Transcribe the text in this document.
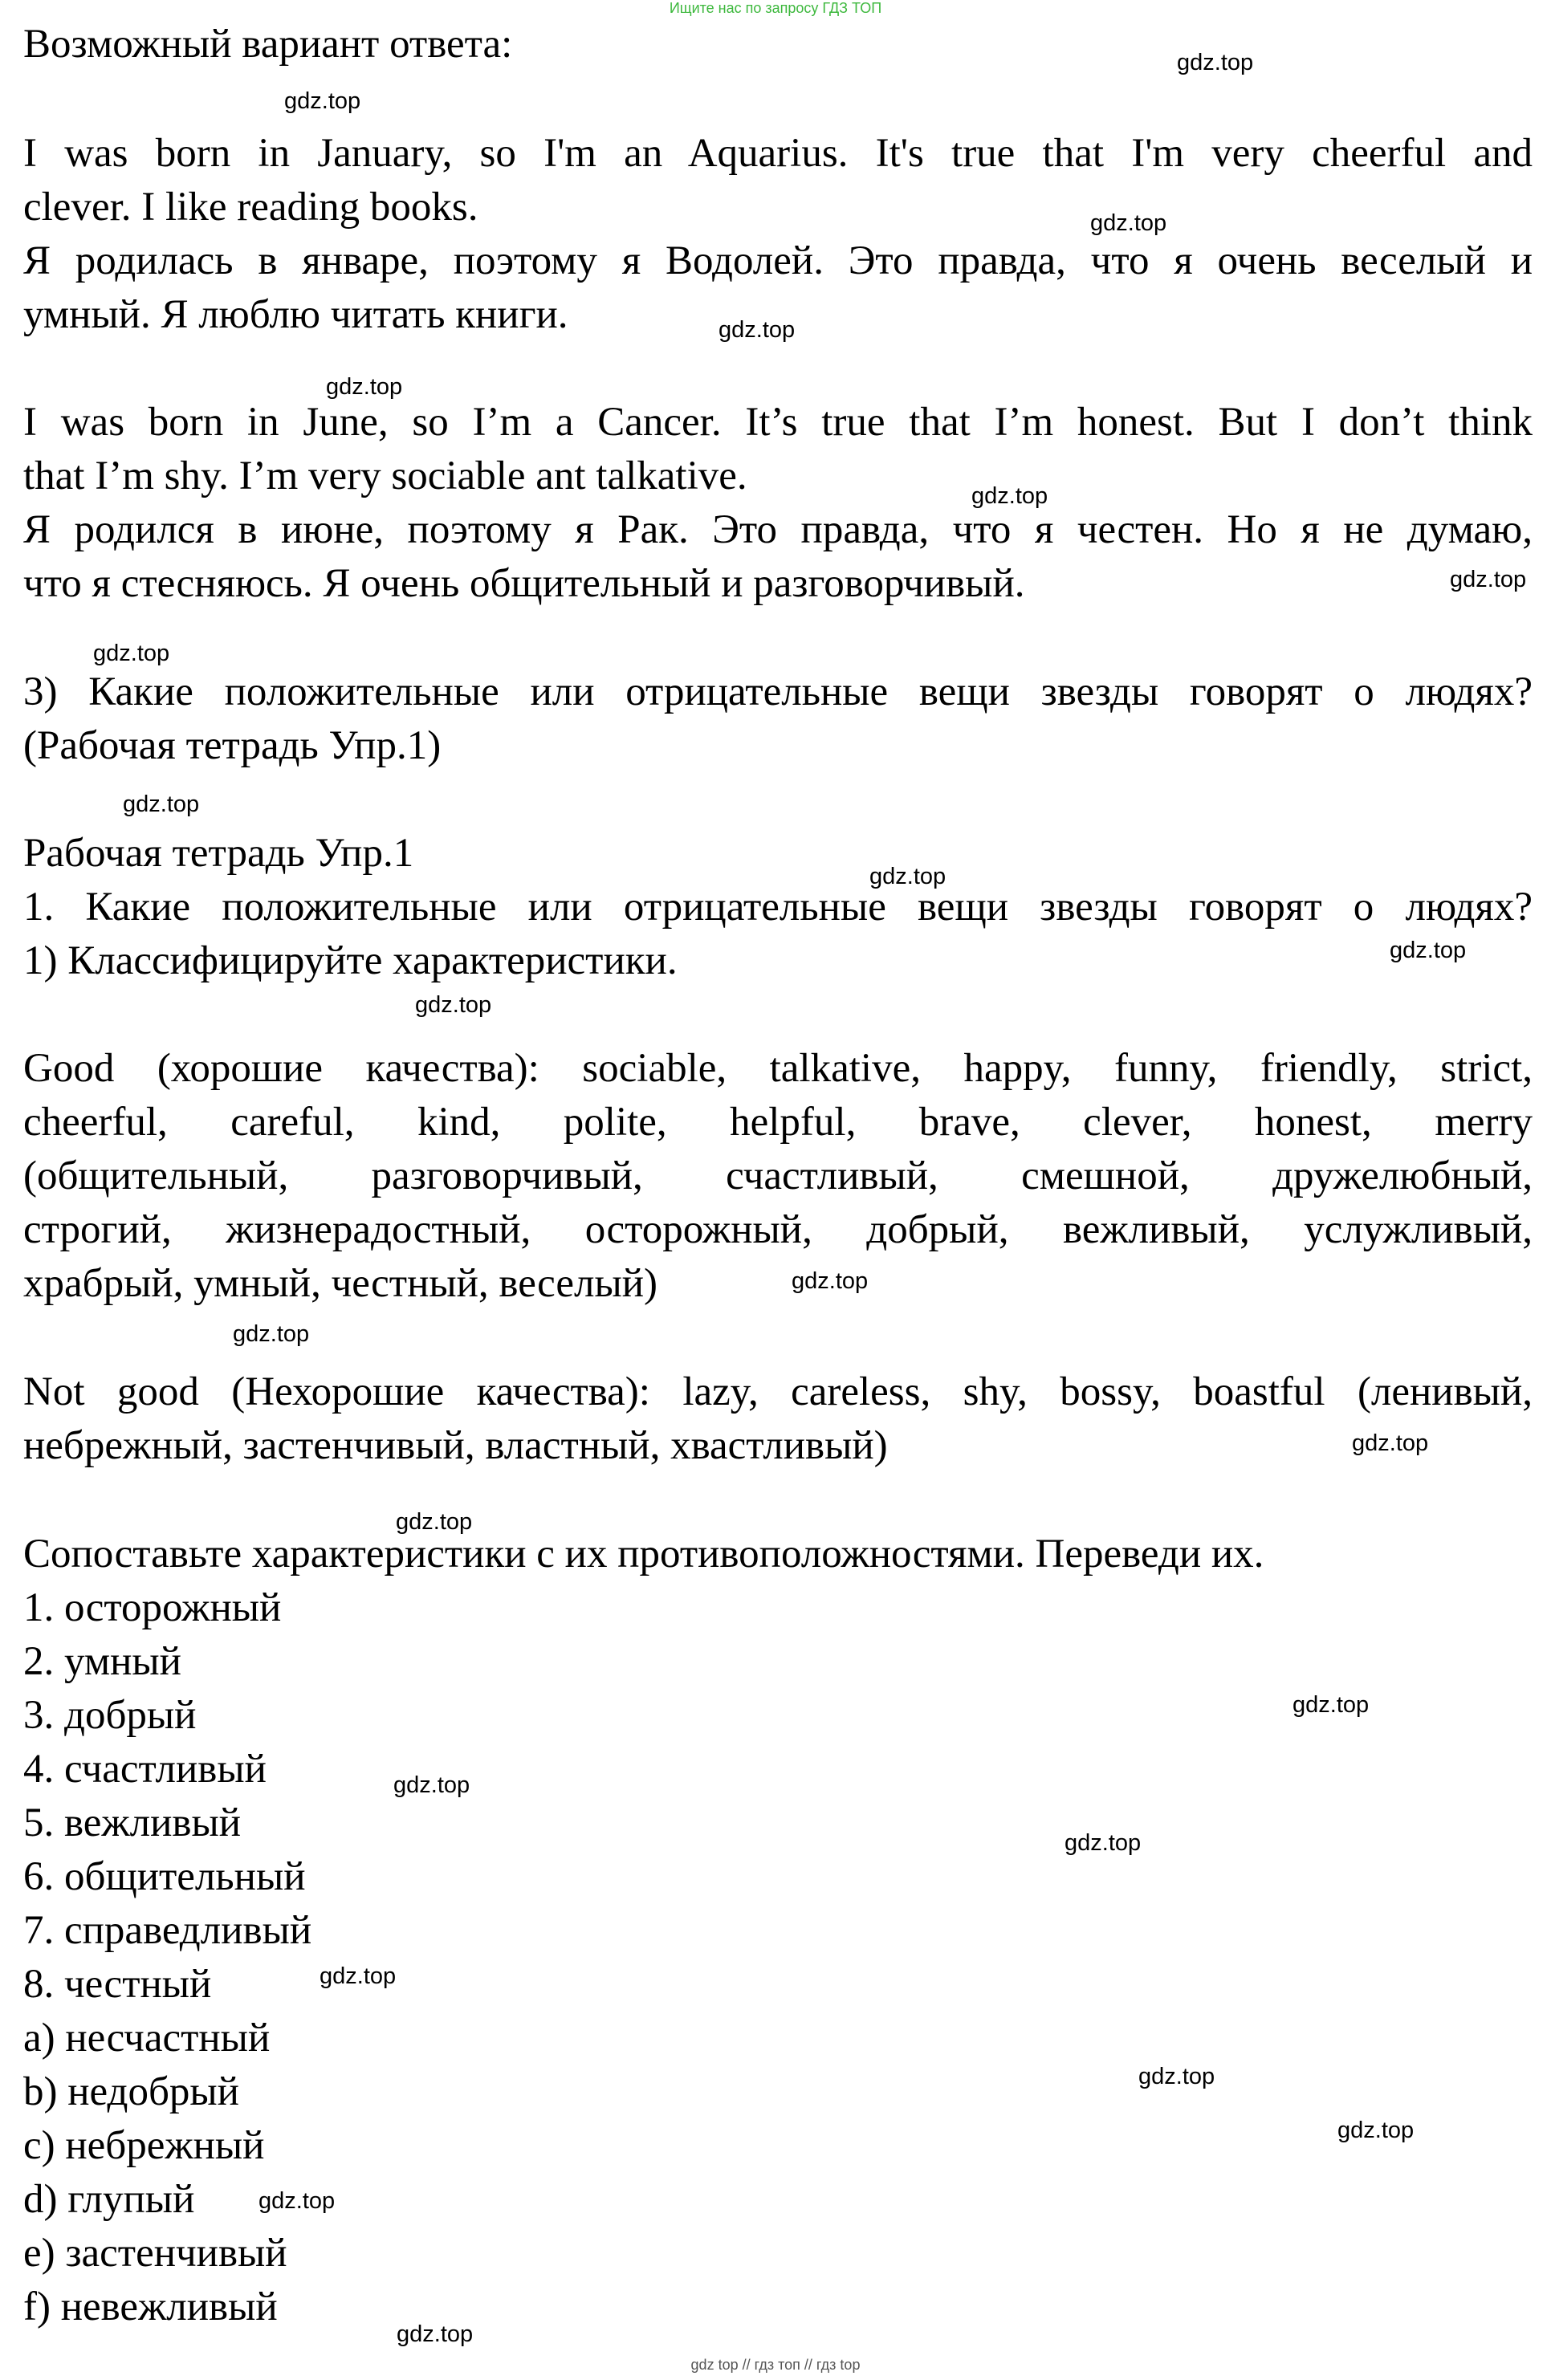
Ищите нас по запросу ГДЗ ТОП

Возможный вариант ответа:

I was born in January, so I'm an Aquarius. It's true that I'm very cheerful and

clever. I like reading books.

Я родилась в январе, поэтому я Водолей. Это правда, что я очень веселый и

умный. Я люблю читать книги.

I was born in June, so I’m a Cancer. It’s true that I’m honest. But I don’t think

that I’m shy. I’m very sociable ant talkative.

Я родился в июне, поэтому я Рак. Это правда, что я честен. Но я не думаю,

что я стесняюсь. Я очень общительный и разговорчивый.

3) Какие положительные или отрицательные вещи звезды говорят о людях?

(Рабочая тетрадь Упр.1)

Рабочая тетрадь Упр.1

1. Какие положительные или отрицательные вещи звезды говорят о людях?

1) Классифицируйте характеристики.

Good (хорошие качества): sociable, talkative, happy, funny, friendly, strict,

cheerful, careful, kind, polite, helpful, brave, clever, honest, merry

(общительный, разговорчивый, счастливый, смешной, дружелюбный,

строгий, жизнерадостный, осторожный, добрый, вежливый, услужливый,

храбрый, умный, честный, веселый)

Not good (Нехорошие качества): lazy, careless, shy, bossy, boastful (ленивый,

небрежный, застенчивый, властный, хвастливый)

Сопоставьте характеристики с их противоположностями. Переведи их.

1. осторожный

2. умный

3. добрый

4. счастливый

5. вежливый

6. общительный

7. справедливый

8. честный

a) несчастный

b) недобрый

c) небрежный

d) глупый

e) застенчивый

f) невежливый

gdz.top

gdz.top

gdz.top

gdz.top

gdz.top

gdz.top

gdz.top

gdz.top

gdz.top

gdz.top

gdz.top

gdz.top

gdz.top

gdz.top

gdz.top

gdz.top

gdz.top

gdz.top

gdz.top

gdz.top

gdz.top

gdz.top

gdz.top

gdz.top

gdz top // гдз топ // гдз top
